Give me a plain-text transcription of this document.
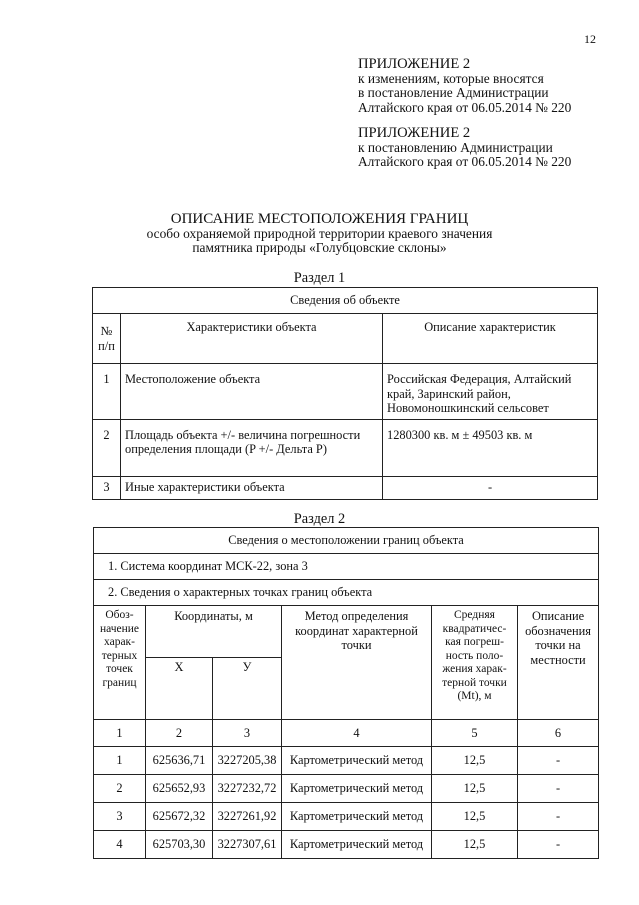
12
ПРИЛОЖЕНИЕ 2
к изменениям, которые вносятся
в постановление Администрации
Алтайского края от 06.05.2014 № 220
ПРИЛОЖЕНИЕ 2
к постановлению Администрации
Алтайского края от 06.05.2014 № 220
ОПИСАНИЕ МЕСТОПОЛОЖЕНИЯ ГРАНИЦ
особо охраняемой природной территории краевого значения
памятника природы «Голубцовские склоны»
Раздел 1
Сведения об объекте		
№ п/п	Характеристики объекта	Описание характеристик
1	Местоположение объекта	Российская Федерация, Алтайский край, Заринский район, Новомоношкинский сельсовет
2	Площадь объекта +/- величина погрешности определения площади (P +/- Дельта P)	1280300 кв. м ± 49503 кв. м
3	Иные характеристики объекта	-
Раздел 2
Сведения о местоположении границ объекта					
1. Система координат МСК-22, зона 3					
2. Сведения о характерных точках границ объекта					
Обоз-начение харак-терных точек границ	Координаты, м		Метод определения координат характерной точки	Средняя квадратичес-кая погреш-ность поло-жения харак-терной точки (Mt), м	Описание обозначения точки на местности
	X	У			
1	2	3	4	5	6
1	625636,71	3227205,38	Картометрический метод	12,5	-
2	625652,93	3227232,72	Картометрический метод	12,5	-
3	625672,32	3227261,92	Картометрический метод	12,5	-
4	625703,30	3227307,61	Картометрический метод	12,5	-
